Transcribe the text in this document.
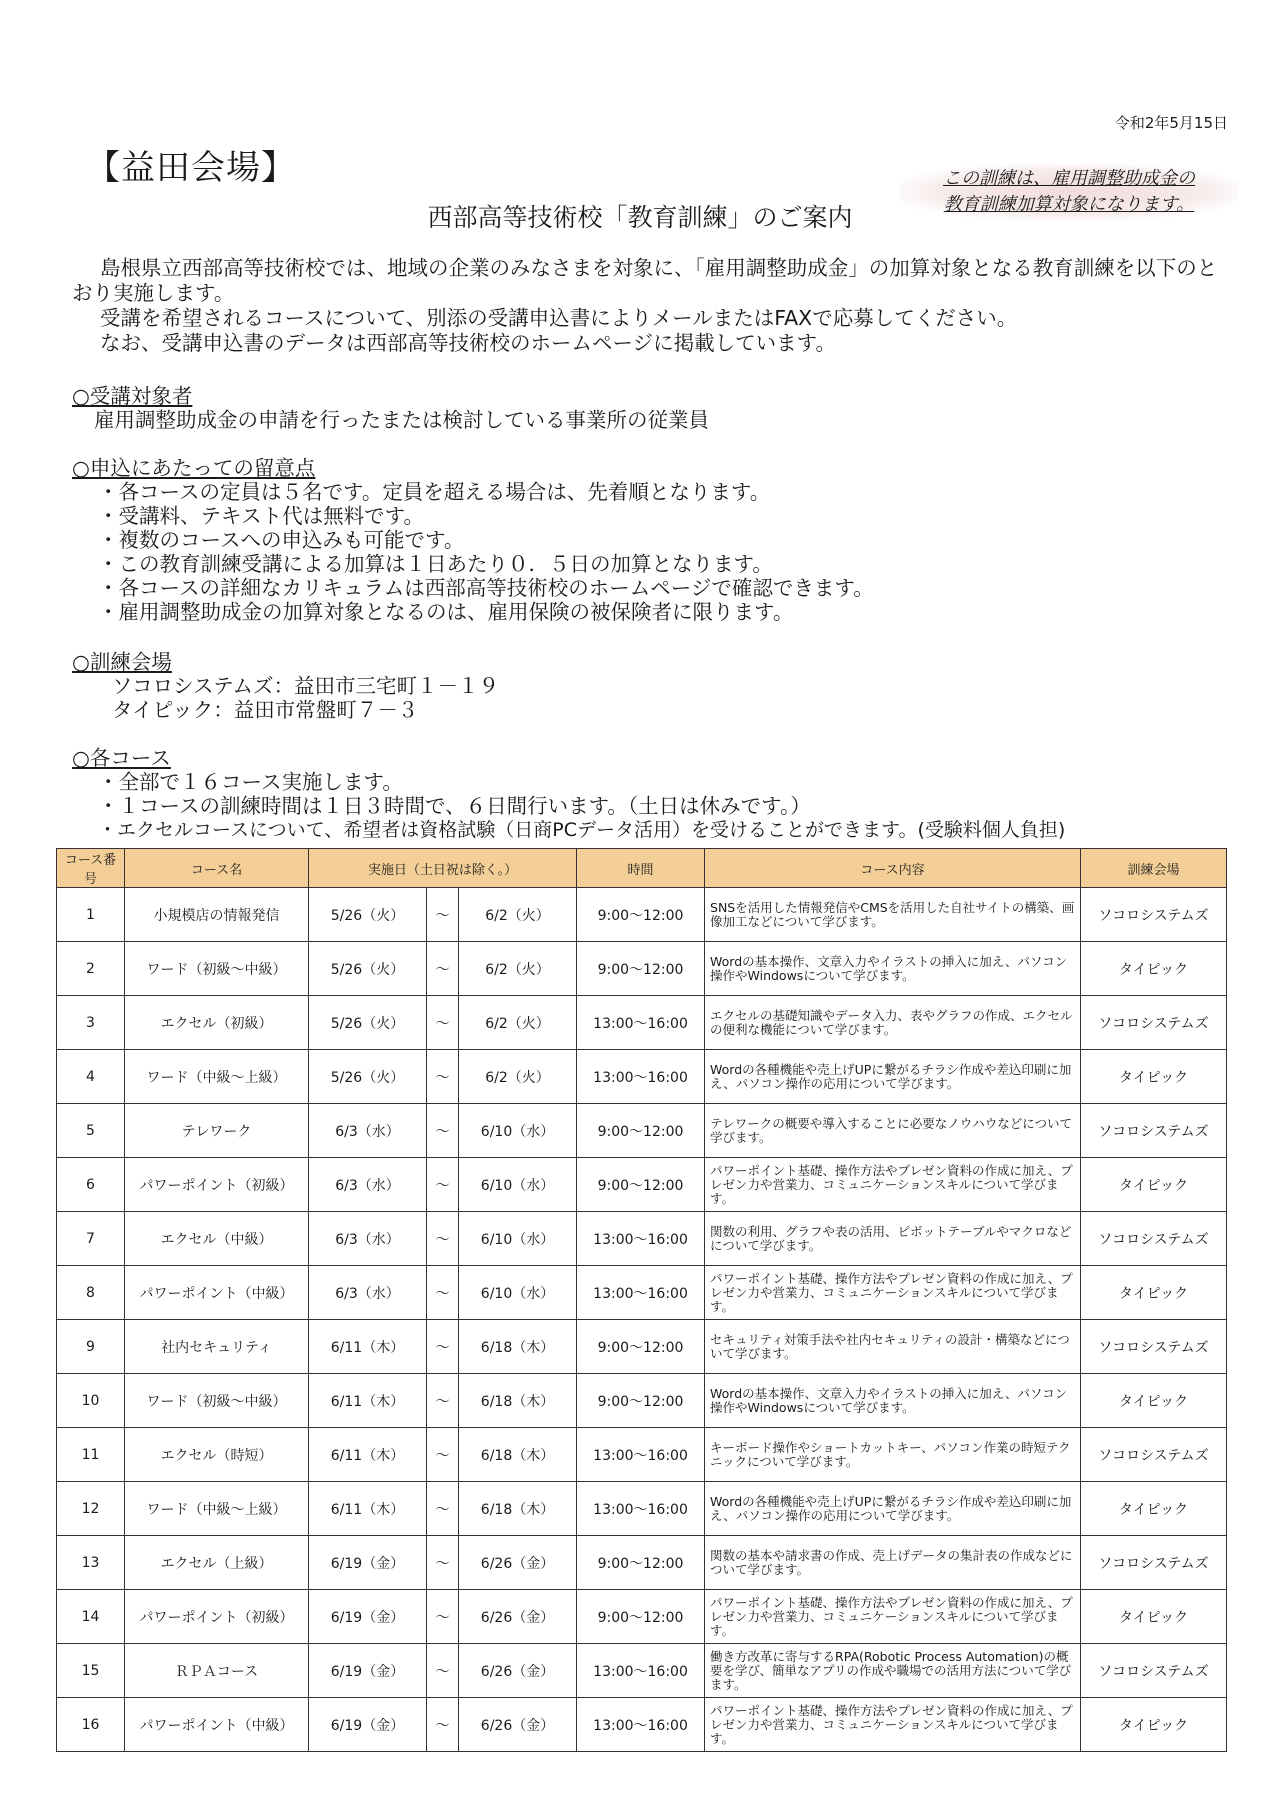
令和2年5月15日
【益田会場】	この訓練は、雇用調整助成金の
教育訓練加算対象になります。
西部高等技術校「教育訓練」のご案内

島根県立西部高等技術校では、地域の企業のみなさまを対象に、「雇用調整助成金」の加算対象となる教育訓練を以下のとおり実施します。

受講を希望されるコースについて、別添の受講申込書によりメールまたはFAXで応募してください。

なお、受講申込書のデータは西部高等技術校のホームページに掲載しています。

○受講対象者
雇用調整助成金の申請を行ったまたは検討している事業所の従業員
○申込にあたっての留意点
・各コースの定員は５名です。定員を超える場合は、先着順となります。
・受講料、テキスト代は無料です。
・複数のコースへの申込みも可能です。
・この教育訓練受講による加算は１日あたり０．５日の加算となります。
・各コースの詳細なカリキュラムは西部高等技術校のホームページで確認できます。
・雇用調整助成金の加算対象となるのは、雇用保険の被保険者に限ります。
○訓練会場
ソコロシステムズ：益田市三宅町１－１９
タイピック：益田市常盤町７－３
○各コース
・全部で１６コース実施します。
・１コースの訓練時間は１日３時間で、６日間行います。（土日は休みです。）
・エクセルコースについて、希望者は資格試験（日商PCデータ活用）を受けることができます。(受験料個人負担)
コース番号	コース名	実施日（土日祝は除く。）			時間	コース内容	訓練会場
1	小規模店の情報発信	5/26（火）	～	6/2（火）	9:00～12:00	SNSを活用した情報発信やCMSを活用した自社サイトの構築、画像加工などについて学びます。	ソコロシステムズ
2	ワード（初級～中級）	5/26（火）	～	6/2（火）	9:00～12:00	Wordの基本操作、文章入力やイラストの挿入に加え、パソコン操作やWindowsについて学びます。	タイピック
3	エクセル（初級）	5/26（火）	～	6/2（火）	13:00～16:00	エクセルの基礎知識やデータ入力、表やグラフの作成、エクセルの便利な機能について学びます。	ソコロシステムズ
4	ワード（中級～上級）	5/26（火）	～	6/2（火）	13:00～16:00	Wordの各種機能や売上げUPに繋がるチラシ作成や差込印刷に加え、パソコン操作の応用について学びます。	タイピック
5	テレワーク	6/3（水）	～	6/10（水）	9:00～12:00	テレワークの概要や導入することに必要なノウハウなどについて学びます。	ソコロシステムズ
6	パワーポイント（初級）	6/3（水）	～	6/10（水）	9:00～12:00	パワーポイント基礎、操作方法やプレゼン資料の作成に加え、プレゼン力や営業力、コミュニケーションスキルについて学びます。	タイピック
7	エクセル（中級）	6/3（水）	～	6/10（水）	13:00～16:00	関数の利用、グラフや表の活用、ピボットテーブルやマクロなどについて学びます。	ソコロシステムズ
8	パワーポイント（中級）	6/3（水）	～	6/10（水）	13:00～16:00	パワーポイント基礎、操作方法やプレゼン資料の作成に加え、プレゼン力や営業力、コミュニケーションスキルについて学びます。	タイピック
9	社内セキュリティ	6/11（木）	～	6/18（木）	9:00～12:00	セキュリティ対策手法や社内セキュリティの設計・構築などについて学びます。	ソコロシステムズ
10	ワード（初級～中級）	6/11（木）	～	6/18（木）	9:00～12:00	Wordの基本操作、文章入力やイラストの挿入に加え、パソコン操作やWindowsについて学びます。	タイピック
11	エクセル（時短）	6/11（木）	～	6/18（木）	13:00～16:00	キーボード操作やショートカットキー、パソコン作業の時短テクニックについて学びます。	ソコロシステムズ
12	ワード（中級～上級）	6/11（木）	～	6/18（木）	13:00～16:00	Wordの各種機能や売上げUPに繋がるチラシ作成や差込印刷に加え、パソコン操作の応用について学びます。	タイピック
13	エクセル（上級）	6/19（金）	～	6/26（金）	9:00～12:00	関数の基本や請求書の作成、売上げデータの集計表の作成などについて学びます。	ソコロシステムズ
14	パワーポイント（初級）	6/19（金）	～	6/26（金）	9:00～12:00	パワーポイント基礎、操作方法やプレゼン資料の作成に加え、プレゼン力や営業力、コミュニケーションスキルについて学びます。	タイピック
15	ＲＰＡコース	6/19（金）	～	6/26（金）	13:00～16:00	働き方改革に寄与するRPA(Robotic Process Automation)の概要を学び、簡単なアプリの作成や職場での活用方法について学びます。	ソコロシステムズ
16	パワーポイント（中級）	6/19（金）	～	6/26（金）	13:00～16:00	パワーポイント基礎、操作方法やプレゼン資料の作成に加え、プレゼン力や営業力、コミュニケーションスキルについて学びます。	タイピック
